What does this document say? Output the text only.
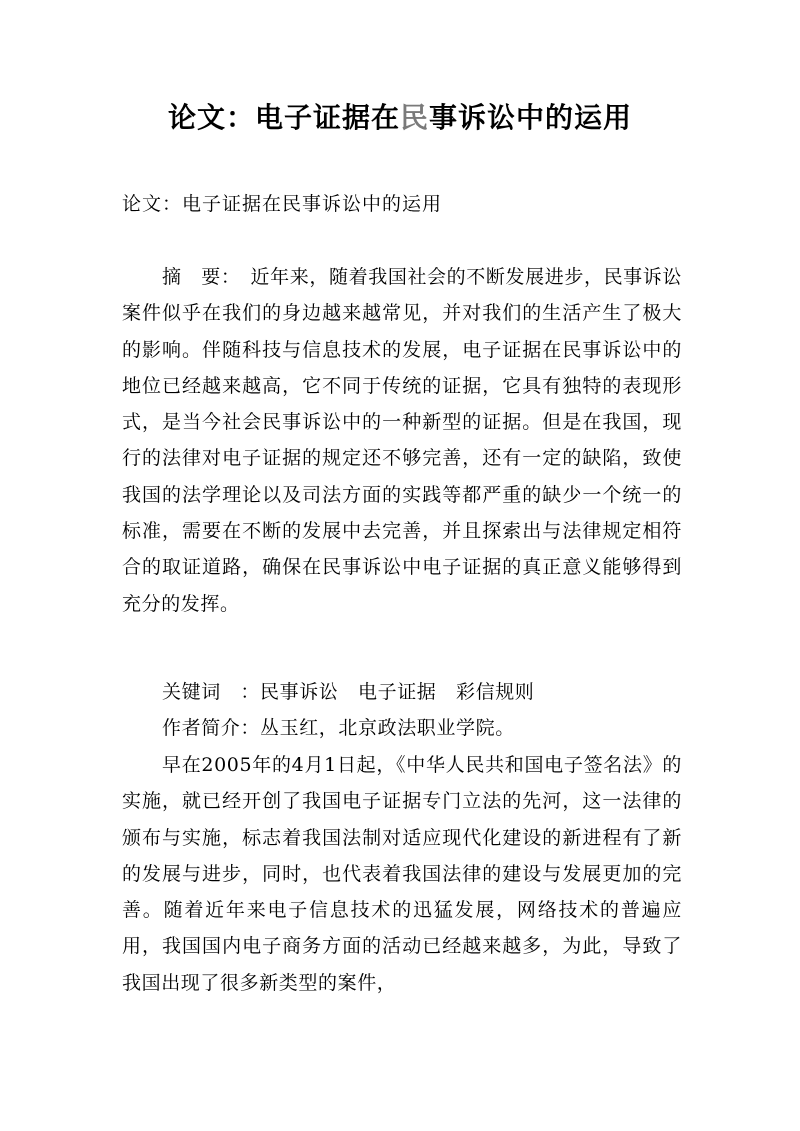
论文：电子证据在民事诉讼中的运用

论文：电子证据在民事诉讼中的运用

摘　要：　近年来，随着我国社会的不断发展进步，民事诉讼案件似乎在我们的身边越来越常见，并对我们的生活产生了极大的影响。伴随科技与信息技术的发展，电子证据在民事诉讼中的地位已经越来越高，它不同于传统的证据，它具有独特的表现形式，是当今社会民事诉讼中的一种新型的证据。但是在我国，现行的法律对电子证据的规定还不够完善，还有一定的缺陷，致使我国的法学理论以及司法方面的实践等都严重的缺少一个统一的标准，需要在不断的发展中去完善，并且探索出与法律规定相符合的取证道路，确保在民事诉讼中电子证据的真正意义能够得到充分的发挥。

关键词　：民事诉讼　电子证据　彩信规则

作者简介：丛玉红，北京政法职业学院。

早在2005年的4月1日起，《中华人民共和国电子签名法》的实施，就已经开创了我国电子证据专门立法的先河，这一法律的颁布与实施，标志着我国法制对适应现代化建设的新进程有了新的发展与进步，同时，也代表着我国法律的建设与发展更加的完善。随着近年来电子信息技术的迅猛发展，网络技术的普遍应用，我国国内电子商务方面的活动已经越来越多，为此，导致了我国出现了很多新类型的案件，
